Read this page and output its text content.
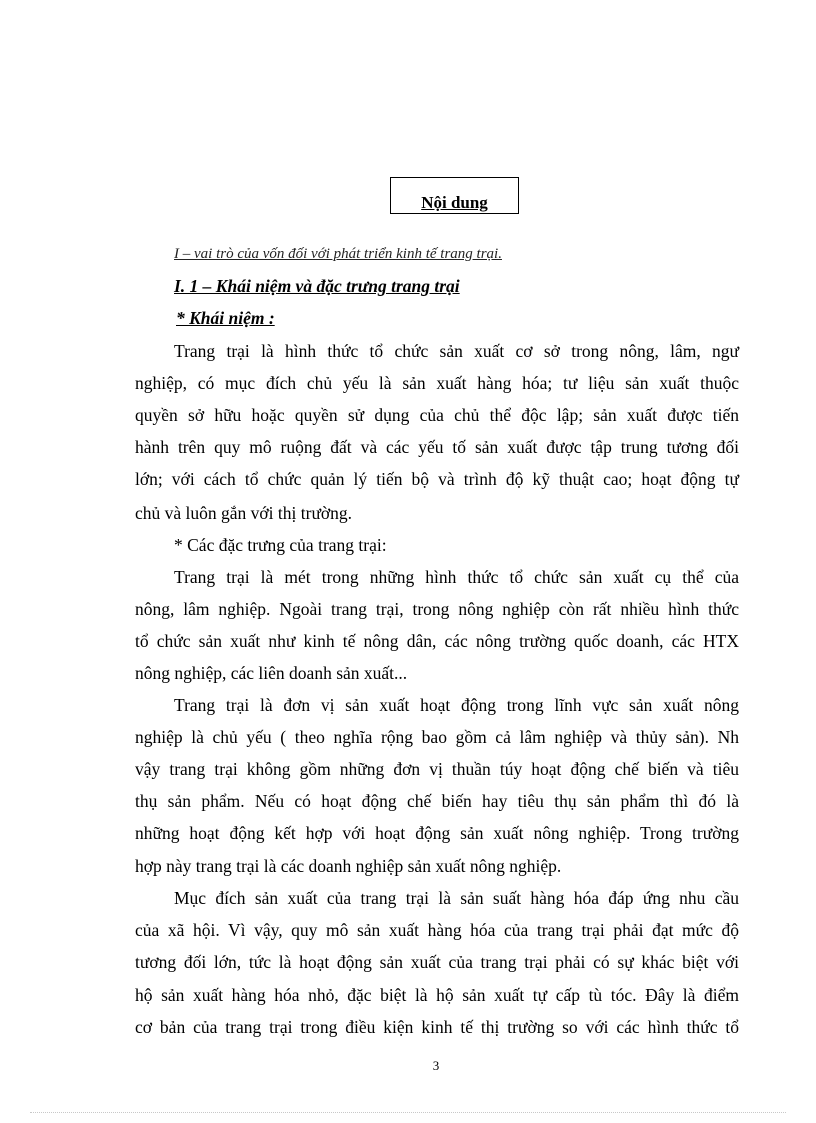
Nội dung
I – vai trò của vốn đối với phát triển kinh tế trang trại.
I. 1 – Khái niệm và đặc trưng trang trại
* Khái niệm :
Trang trại là hình thức tổ chức sản xuất cơ sở trong nông, lâm, ngư
nghiệp, có mục đích chủ yếu là sản xuất hàng hóa; tư liệu sản xuất thuộc
quyền sở hữu hoặc quyền sử dụng của chủ thể độc lập; sản xuất được tiến
hành trên quy mô ruộng đất và các yếu tố sản xuất được tập trung tương đối
lớn; với cách tổ chức quản lý tiến bộ và trình độ kỹ thuật cao; hoạt động tự
chủ và luôn gắn với thị trường.
* Các đặc trưng của trang trại:
Trang trại là mét trong những hình thức tổ chức sản xuất cụ thể của
nông, lâm nghiệp. Ngoài trang trại, trong nông nghiệp còn rất nhiều hình thức
tổ chức sản xuất như kinh tế nông dân, các nông trường quốc doanh, các HTX
nông nghiệp, các liên doanh sản xuất...
Trang trại là đơn vị sản xuất hoạt động trong lĩnh vực sản xuất nông
nghiệp là chủ yếu ( theo nghĩa rộng bao gồm cả lâm nghiệp và thủy sản). Nh
vậy trang trại không gồm những đơn vị thuần túy hoạt động chế biến và tiêu
thụ sản phẩm. Nếu có hoạt động chế biến hay tiêu thụ sản phẩm thì đó là
những hoạt động kết hợp với hoạt động sản xuất nông nghiệp. Trong trường
hợp này trang trại là các doanh nghiệp sản xuất nông nghiệp.
Mục đích sản xuất của trang trại là sản suất hàng hóa đáp ứng nhu cầu
của xã hội. Vì vậy, quy mô sản xuất hàng hóa của trang trại phải đạt mức độ
tương đối lớn, tức là hoạt động sản xuất của trang trại phải có sự khác biệt với
hộ sản xuất hàng hóa nhỏ, đặc biệt là hộ sản xuất tự cấp tù tóc. Đây là điểm
cơ bản của trang trại trong điều kiện kinh tế thị trường so với các hình thức tổ
3
